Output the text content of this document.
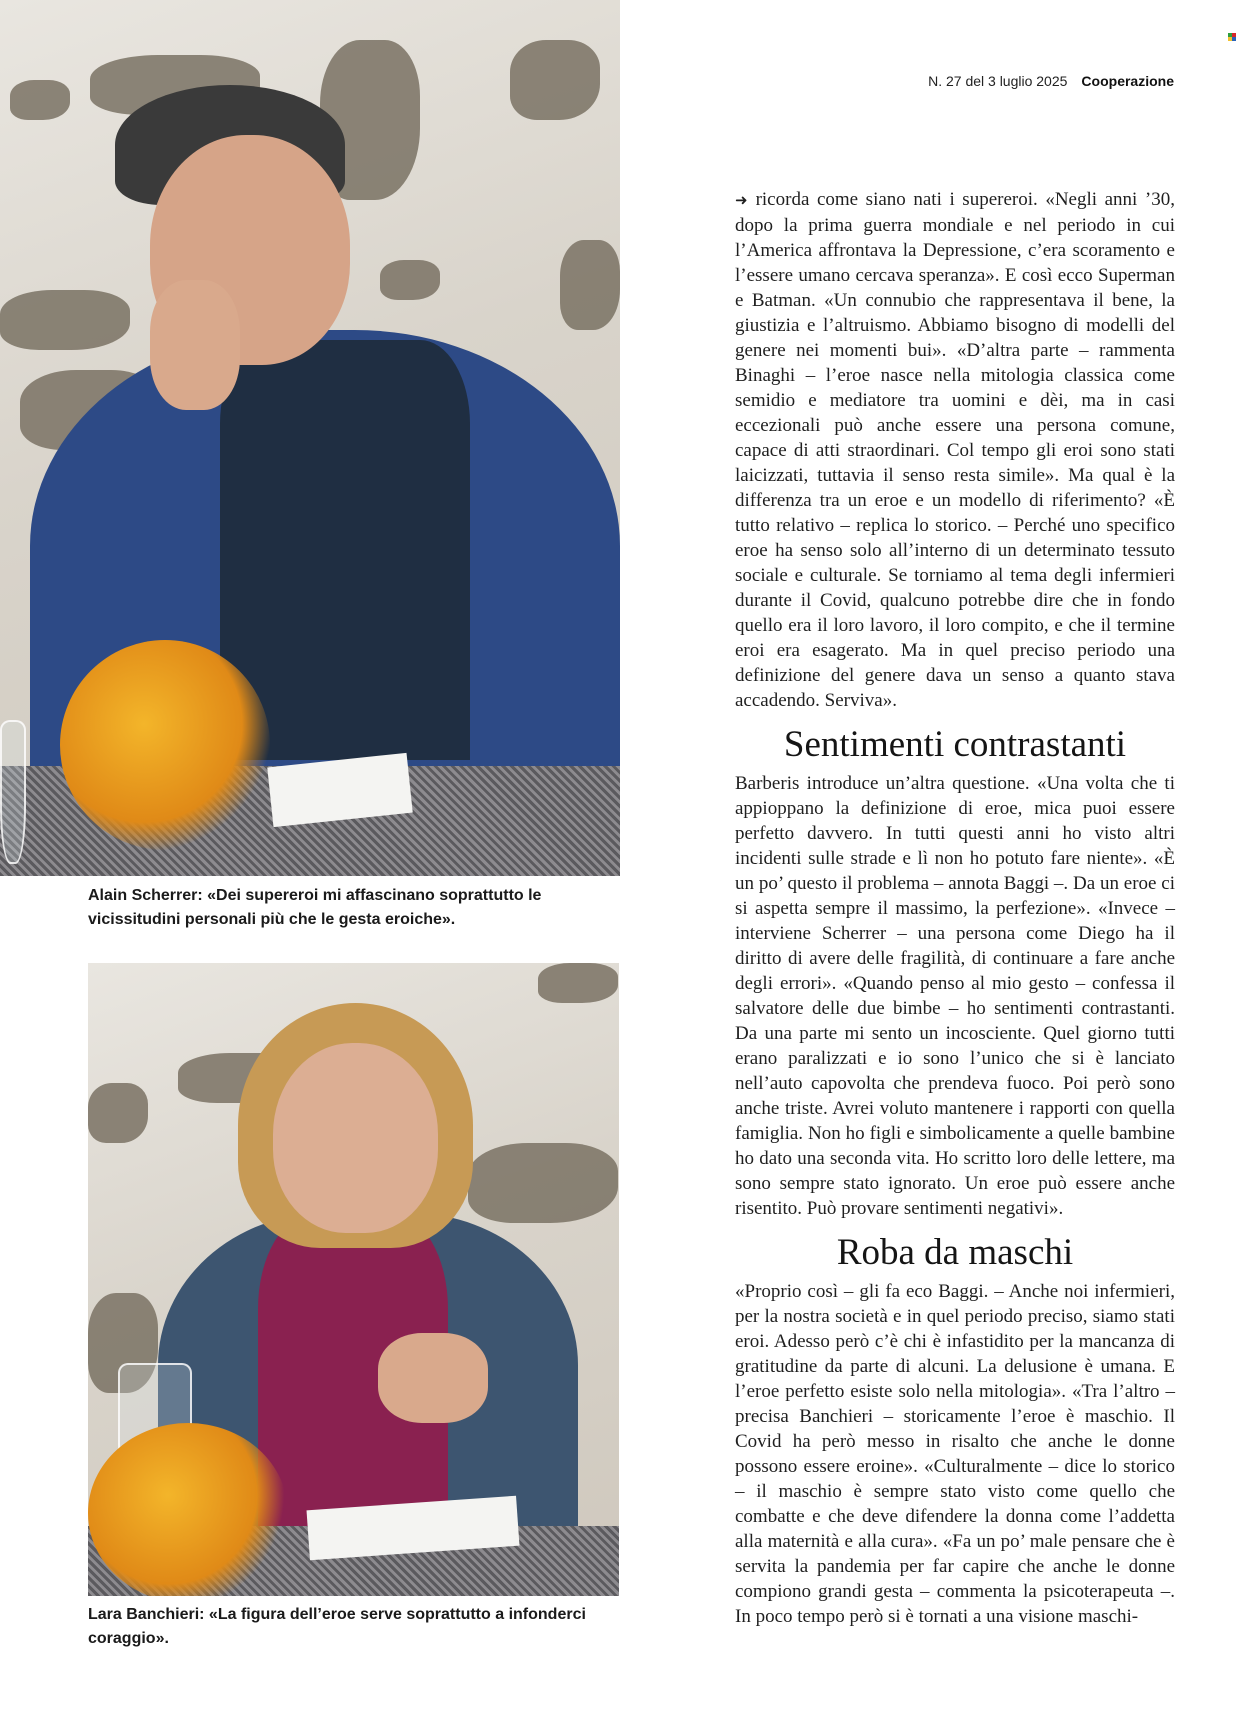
N. 27 del 3 luglio 2025 Cooperazione

Alain Scherrer: «Dei supereroi mi affascinano soprattutto le vicissitudini personali più che le gesta eroiche».

Lara Banchieri: «La figura dell’eroe serve soprattutto a infonderci coraggio».

➜ ricorda come siano nati i supereroi. «Negli anni ’30, dopo la prima guerra mondiale e nel periodo in cui l’America affrontava la Depressione, c’era scoramento e l’essere umano cercava speranza». E così ecco Superman e Batman. «Un connubio che rappresentava il bene, la giustizia e l’altruismo. Abbiamo bisogno di modelli del genere nei momenti bui». «D’altra parte – rammenta Binaghi – l’eroe nasce nella mitologia classica come semidio e mediatore tra uomini e dèi, ma in casi eccezionali può anche essere una persona comune, capace di atti straordinari. Col tempo gli eroi sono stati laicizzati, tuttavia il senso resta simile». Ma qual è la differenza tra un eroe e un modello di riferimento? «È tutto relativo – replica lo storico. – Perché uno specifico eroe ha senso solo all’interno di un determinato tessuto sociale e culturale. Se torniamo al tema degli infermieri durante il Covid, qualcuno potrebbe dire che in fondo quello era il loro lavoro, il loro compito, e che il termine eroi era esagerato. Ma in quel preciso periodo una definizione del genere dava un senso a quanto stava accadendo. Serviva».

Sentimenti contrastanti

Barberis introduce un’altra questione. «Una volta che ti appioppano la definizione di eroe, mica puoi essere perfetto davvero. In tutti questi anni ho visto altri incidenti sulle strade e lì non ho potuto fare niente». «È un po’ questo il problema – annota Baggi –. Da un eroe ci si aspetta sempre il massimo, la perfezione». «Invece – interviene Scherrer – una persona come Diego ha il diritto di avere delle fragilità, di continuare a fare anche degli errori». «Quando penso al mio gesto – confessa il salvatore delle due bimbe – ho sentimenti contrastanti. Da una parte mi sento un incosciente. Quel giorno tutti erano paralizzati e io sono l’unico che si è lanciato nell’auto capovolta che prendeva fuoco. Poi però sono anche triste. Avrei voluto mantenere i rapporti con quella famiglia. Non ho figli e simbolicamente a quelle bambine ho dato una seconda vita. Ho scritto loro delle lettere, ma sono sempre stato ignorato. Un eroe può essere anche risentito. Può provare sentimenti negativi».

Roba da maschi

«Proprio così – gli fa eco Baggi. – Anche noi infermieri, per la nostra società e in quel periodo preciso, siamo stati eroi. Adesso però c’è chi è infastidito per la mancanza di gratitudine da parte di alcuni. La delusione è umana. E l’eroe perfetto esiste solo nella mitologia». «Tra l’altro – precisa Banchieri – storicamente l’eroe è maschio. Il Covid ha però messo in risalto che anche le donne possono essere eroine». «Culturalmente – dice lo storico – il maschio è sempre stato visto come quello che combatte e che deve difendere la donna come l’addetta alla maternità e alla cura». «Fa un po’ male pensare che è servita la pandemia per far capire che anche le donne compiono grandi gesta – commenta la psicoterapeuta –. In poco tempo però si è tornati a una visione maschi-
